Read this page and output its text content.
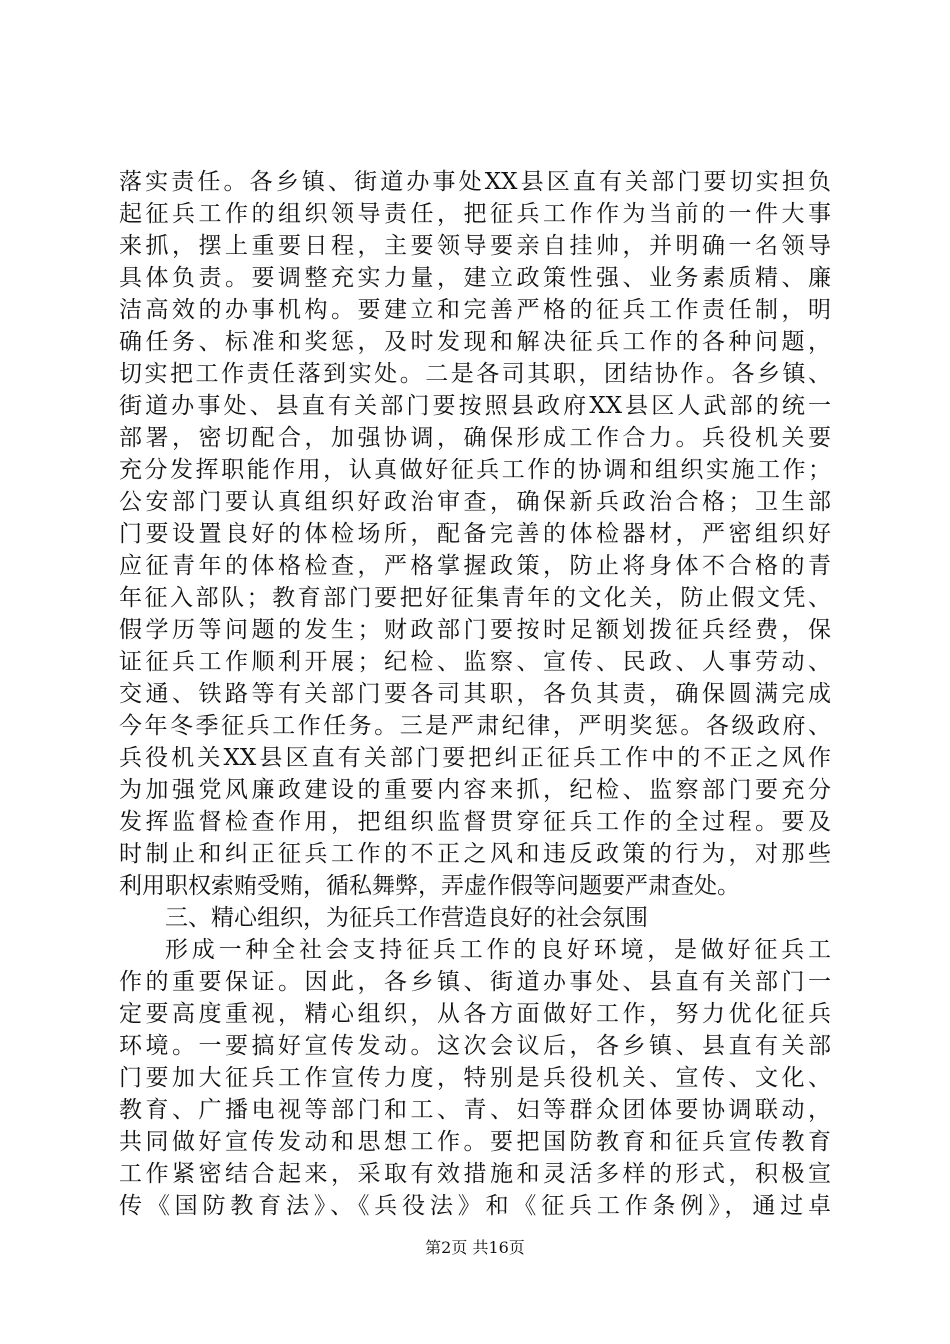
落实责任。各乡镇、街道办事处XX县区直有关部门要切实担负
起征兵工作的组织领导责任，把征兵工作作为当前的一件大事
来抓，摆上重要日程，主要领导要亲自挂帅，并明确一名领导
具体负责。要调整充实力量，建立政策性强、业务素质精、廉
洁高效的办事机构。要建立和完善严格的征兵工作责任制，明
确任务、标准和奖惩，及时发现和解决征兵工作的各种问题，
切实把工作责任落到实处。二是各司其职，团结协作。各乡镇、
街道办事处、县直有关部门要按照县政府XX县区人武部的统一
部署，密切配合，加强协调，确保形成工作合力。兵役机关要
充分发挥职能作用，认真做好征兵工作的协调和组织实施工作；
公安部门要认真组织好政治审查，确保新兵政治合格；卫生部
门要设置良好的体检场所，配备完善的体检器材，严密组织好
应征青年的体格检查，严格掌握政策，防止将身体不合格的青
年征入部队；教育部门要把好征集青年的文化关，防止假文凭、
假学历等问题的发生；财政部门要按时足额划拨征兵经费，保
证征兵工作顺利开展；纪检、监察、宣传、民政、人事劳动、
交通、铁路等有关部门要各司其职，各负其责，确保圆满完成
今年冬季征兵工作任务。三是严肃纪律，严明奖惩。各级政府、
兵役机关XX县区直有关部门要把纠正征兵工作中的不正之风作
为加强党风廉政建设的重要内容来抓，纪检、监察部门要充分
发挥监督检查作用，把组织监督贯穿征兵工作的全过程。要及
时制止和纠正征兵工作的不正之风和违反政策的行为，对那些
利用职权索贿受贿，循私舞弊，弄虚作假等问题要严肃查处。
三、精心组织，为征兵工作营造良好的社会氛围
形成一种全社会支持征兵工作的良好环境，是做好征兵工
作的重要保证。因此，各乡镇、街道办事处、县直有关部门一
定要高度重视，精心组织，从各方面做好工作，努力优化征兵
环境。一要搞好宣传发动。这次会议后，各乡镇、县直有关部
门要加大征兵工作宣传力度，特别是兵役机关、宣传、文化、
教育、广播电视等部门和工、青、妇等群众团体要协调联动，
共同做好宣传发动和思想工作。要把国防教育和征兵宣传教育
工作紧密结合起来，采取有效措施和灵活多样的形式，积极宣
传《国防教育法》、《兵役法》和《征兵工作条例》，通过卓
第2页 共16页
